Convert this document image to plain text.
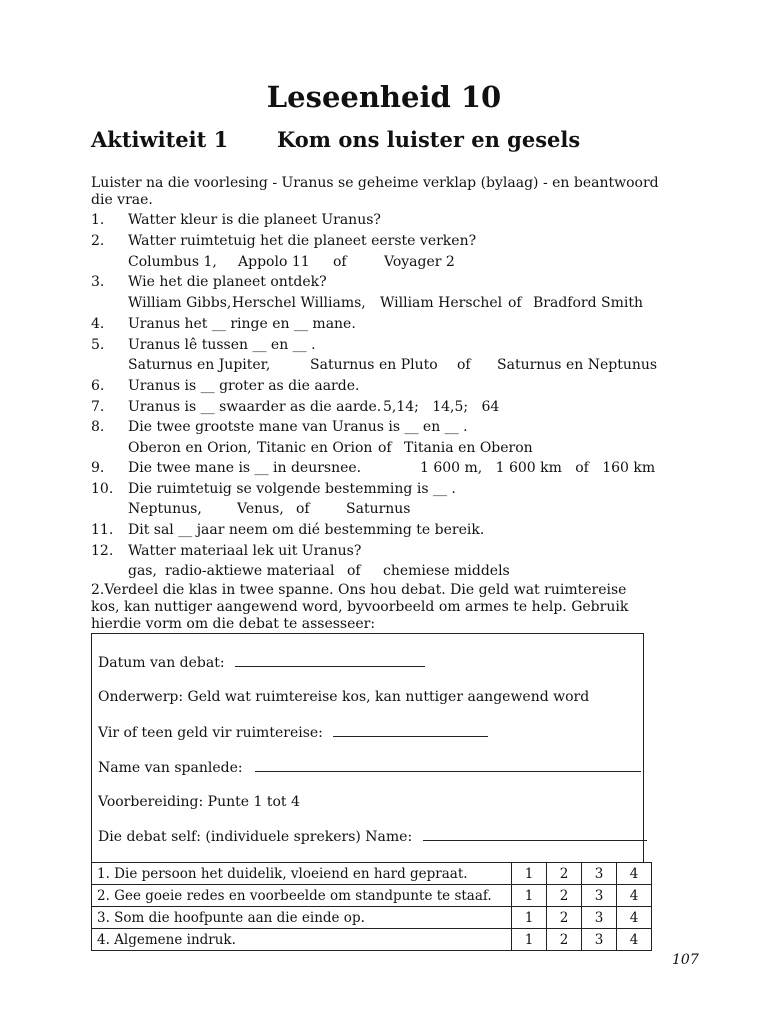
Leseenheid 10
Aktiwiteit 1 Kom ons luister en gesels
Luister na die voorlesing - Uranus se geheime verklap (bylaag) - en beantwoord die vrae.
1. Watter kleur is die planeet Uranus?
2. Watter ruimtetuig het die planeet eerste verken?
Columbus 1, Appolo 11 of	Voyager 2
3. Wie het die planeet ontdek?
William Gibbs, Herschel Williams, William Herschel of Bradford Smith
4. Uranus het __ ringe en __ mane.
5. Uranus lê tussen __ en __ .
Saturnus en Jupiter,	Saturnus en Pluto of Saturnus en Neptunus
6. Uranus is __ groter as die aarde.
7. Uranus is __ swaarder as die aarde. 5,14;   14,5;   64
8. Die twee grootste mane van Uranus is __ en __ .
Oberon en Orion, Titanic en Orion of Titania en Oberon
9. Die twee mane is __ in deursnee.	1 600 m,   1 600 km   of   160 km
10. Die ruimtetuig se volgende bestemming is __ .
Neptunus,	Venus, of	Saturnus
11. Dit sal __ jaar neem om dié bestemming te bereik.
12. Watter materiaal lek uit Uranus?
gas, radio-aktiewe materiaal of chemiese middels
2.Verdeel die klas in twee spanne. Ons hou debat. Die geld wat ruimtereise kos, kan nuttiger aangewend word, byvoorbeeld om armes te help. Gebruik hierdie vorm om die debat te assesseer:
Datum van debat:
Onderwerp: Geld wat ruimtereise kos, kan nuttiger aangewend word
Vir of teen geld vir ruimtereise:
Name van spanlede:
Voorbereiding: Punte 1 tot 4
Die debat self: (individuele sprekers) Name:
1. Die persoon het duidelik, vloeiend en hard gepraat.	1	2	3	4
2. Gee goeie redes en voorbeelde om standpunte te staaf.	1	2	3	4
3. Som die hoofpunte aan die einde op.	1	2	3	4
4. Algemene indruk.	1	2	3	4
107
